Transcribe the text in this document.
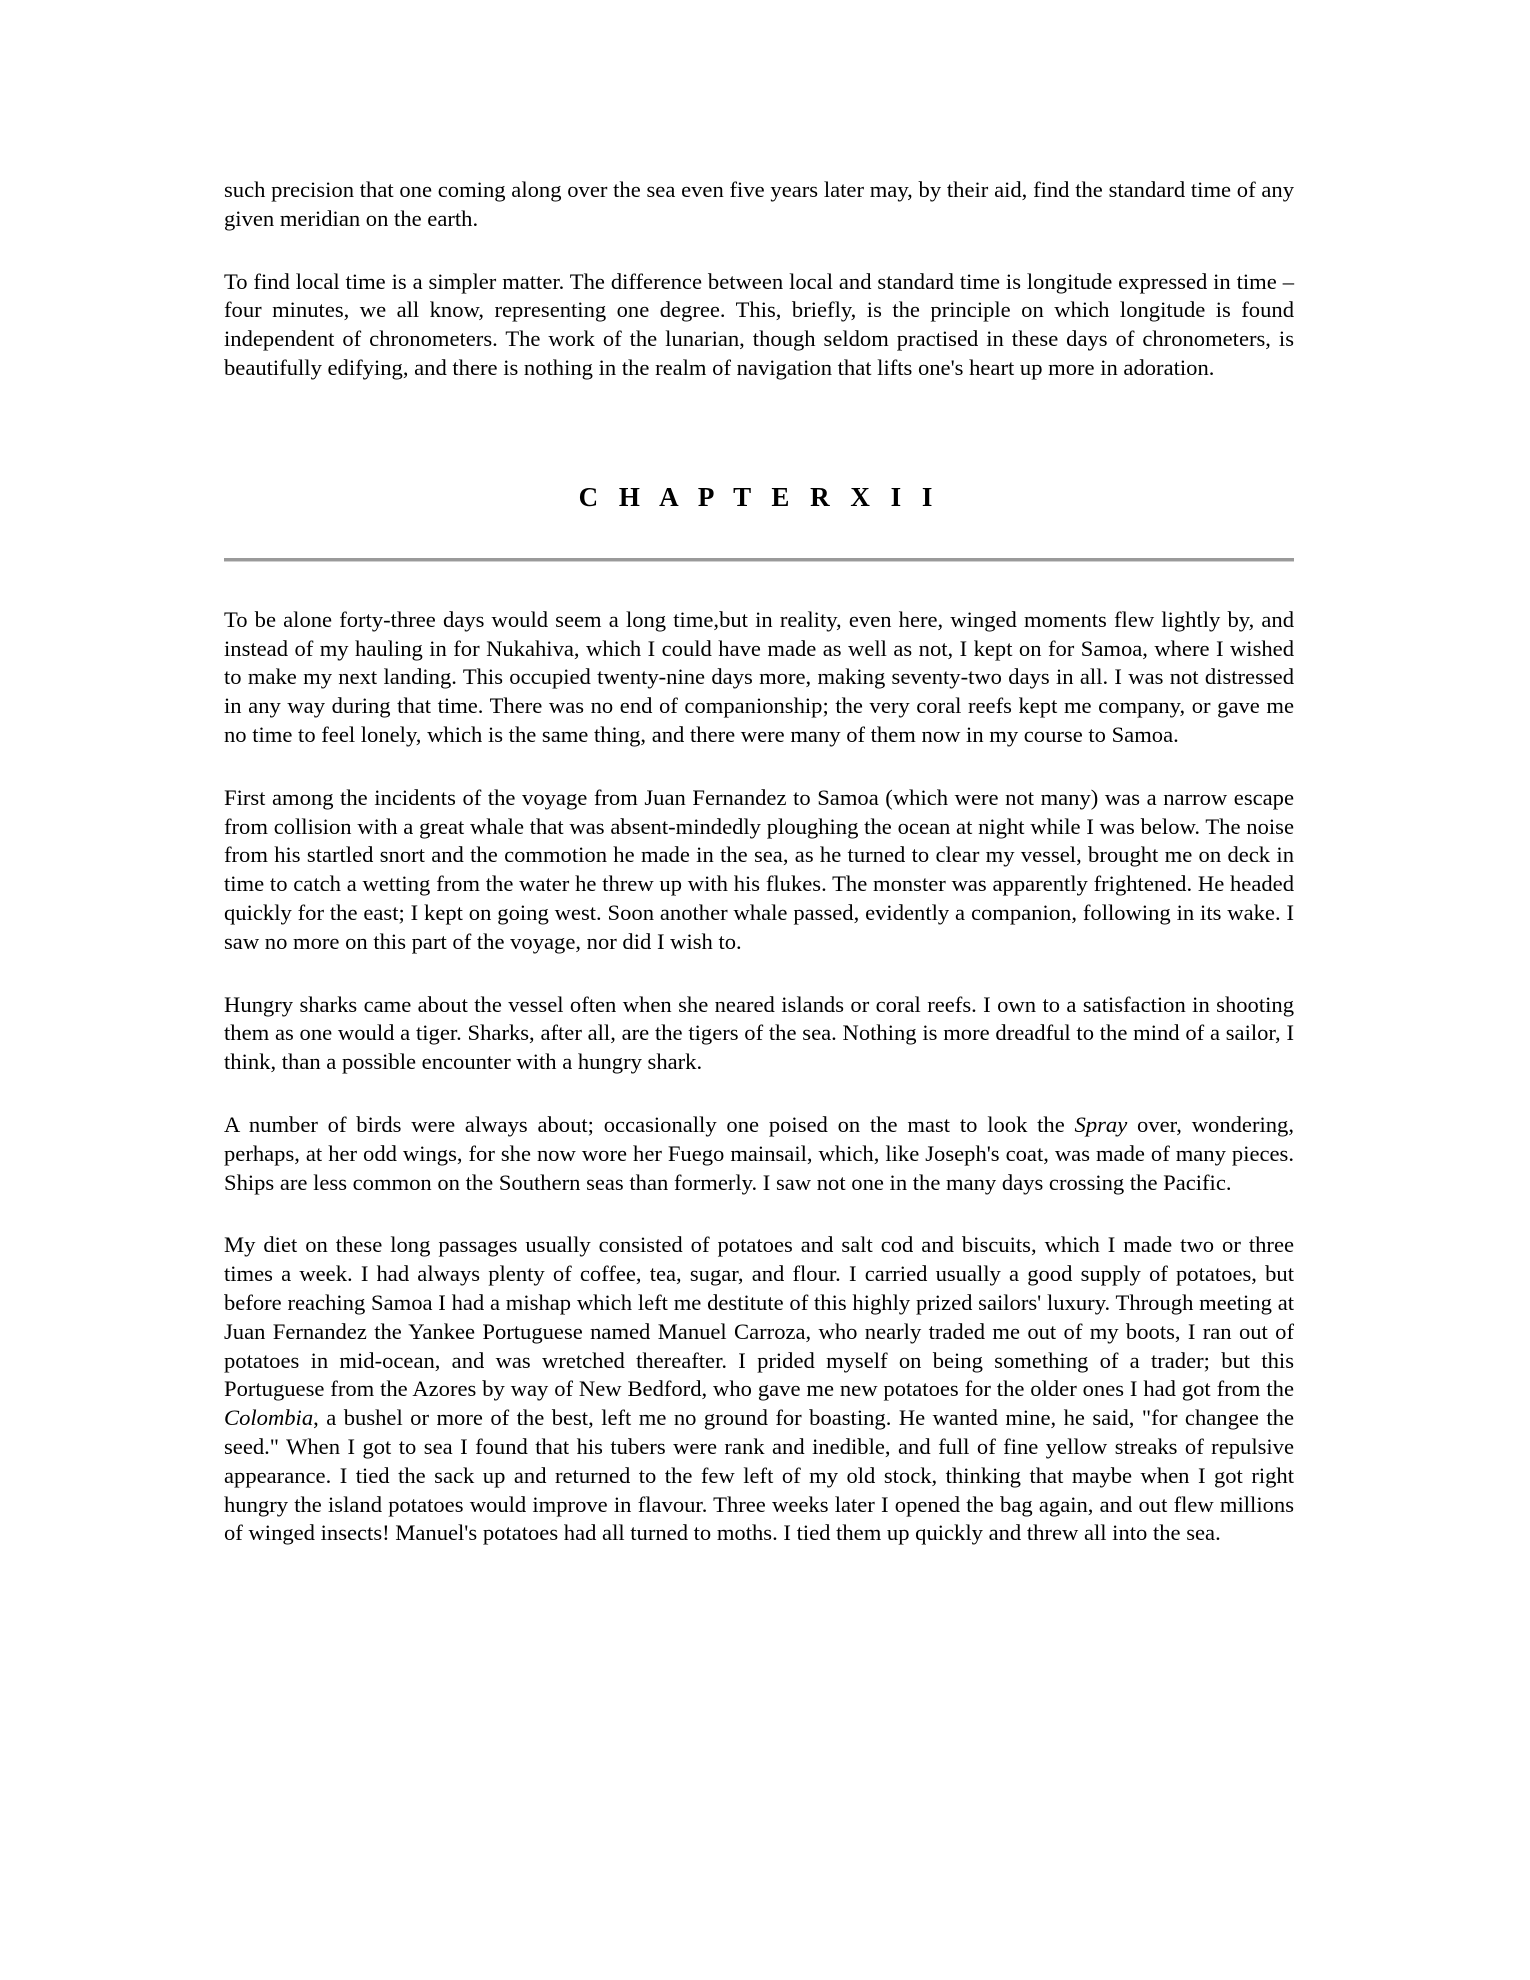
such precision that one coming along over the sea even five years later may, by their aid, find the standard time of any given meridian on the earth.

To find local time is a simpler matter. The difference between local and standard time is longitude expressed in time – four minutes, we all know, representing one degree. This, briefly, is the principle on which longitude is found independent of chronometers. The work of the lunarian, though seldom practised in these days of chronometers, is beautifully edifying, and there is nothing in the realm of navigation that lifts one's heart up more in adoration.

C H A P T E R X I I

To be alone forty-three days would seem a long time,but in reality, even here, winged moments flew lightly by, and instead of my hauling in for Nukahiva, which I could have made as well as not, I kept on for Samoa, where I wished to make my next landing. This occupied twenty-nine days more, making seventy-two days in all. I was not distressed in any way during that time. There was no end of companionship; the very coral reefs kept me company, or gave me no time to feel lonely, which is the same thing, and there were many of them now in my course to Samoa.

First among the incidents of the voyage from Juan Fernandez to Samoa (which were not many) was a narrow escape from collision with a great whale that was absent-mindedly ploughing the ocean at night while I was below. The noise from his startled snort and the commotion he made in the sea, as he turned to clear my vessel, brought me on deck in time to catch a wetting from the water he threw up with his flukes. The monster was apparently frightened. He headed quickly for the east; I kept on going west. Soon another whale passed, evidently a companion, following in its wake. I saw no more on this part of the voyage, nor did I wish to.

Hungry sharks came about the vessel often when she neared islands or coral reefs. I own to a satisfaction in shooting them as one would a tiger. Sharks, after all, are the tigers of the sea. Nothing is more dreadful to the mind of a sailor, I think, than a possible encounter with a hungry shark.

A number of birds were always about; occasionally one poised on the mast to look the Spray over, wondering, perhaps, at her odd wings, for she now wore her Fuego mainsail, which, like Joseph's coat, was made of many pieces. Ships are less common on the Southern seas than formerly. I saw not one in the many days crossing the Pacific.

My diet on these long passages usually consisted of potatoes and salt cod and biscuits, which I made two or three times a week. I had always plenty of coffee, tea, sugar, and flour. I carried usually a good supply of potatoes, but before reaching Samoa I had a mishap which left me destitute of this highly prized sailors' luxury. Through meeting at Juan Fernandez the Yankee Portuguese named Manuel Carroza, who nearly traded me out of my boots, I ran out of potatoes in mid-ocean, and was wretched thereafter. I prided myself on being something of a trader; but this Portuguese from the Azores by way of New Bedford, who gave me new potatoes for the older ones I had got from the Colombia, a bushel or more of the best, left me no ground for boasting. He wanted mine, he said, "for changee the seed." When I got to sea I found that his tubers were rank and inedible, and full of fine yellow streaks of repulsive appearance. I tied the sack up and returned to the few left of my old stock, thinking that maybe when I got right hungry the island potatoes would improve in flavour. Three weeks later I opened the bag again, and out flew millions of winged insects! Manuel's potatoes had all turned to moths. I tied them up quickly and threw all into the sea.
